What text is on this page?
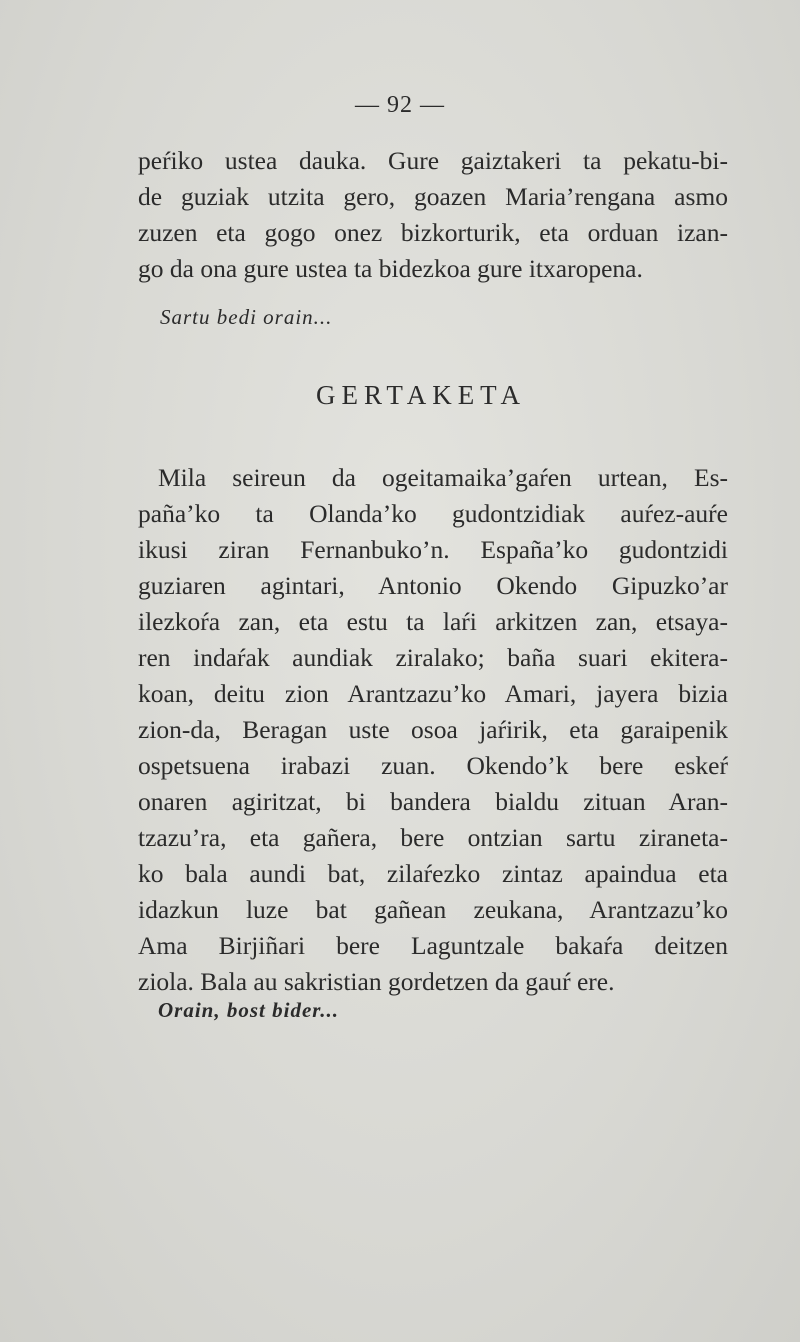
— 92 —
peŕiko ustea dauka. Gure gaiztakeri ta pekatu-bi-
de guziak utzita gero, goazen Maria’rengana asmo
zuzen eta gogo onez bizkorturik, eta orduan izan-
go da ona gure ustea ta bidezkoa gure itxaropena.
Sartu bedi orain...
GERTAKETA
Mila seireun da ogeitamaika’gaŕen urtean, Es-
paña’ko ta Olanda’ko gudontzidiak auŕez-auŕe
ikusi ziran Fernanbuko’n. España’ko gudontzidi
guziaren agintari, Antonio Okendo Gipuzko’ar
ilezkoŕa zan, eta estu ta laŕi arkitzen zan, etsaya-
ren indaŕak aundiak ziralako; baña suari ekitera-
koan, deitu zion Arantzazu’ko Amari, jayera bizia
zion-da, Beragan uste osoa jaŕirik, eta garaipenik
ospetsuena irabazi zuan. Okendo’k bere eskeŕ
onaren agiritzat, bi bandera bialdu zituan Aran-
tzazu’ra, eta gañera, bere ontzian sartu ziraneta-
ko bala aundi bat, zilaŕezko zintaz apaindua eta
idazkun luze bat gañean zeukana, Arantzazu’ko
Ama Birjiñari bere Laguntzale bakaŕa deitzen
ziola. Bala au sakristian gordetzen da gauŕ ere.
Orain, bost bider...
